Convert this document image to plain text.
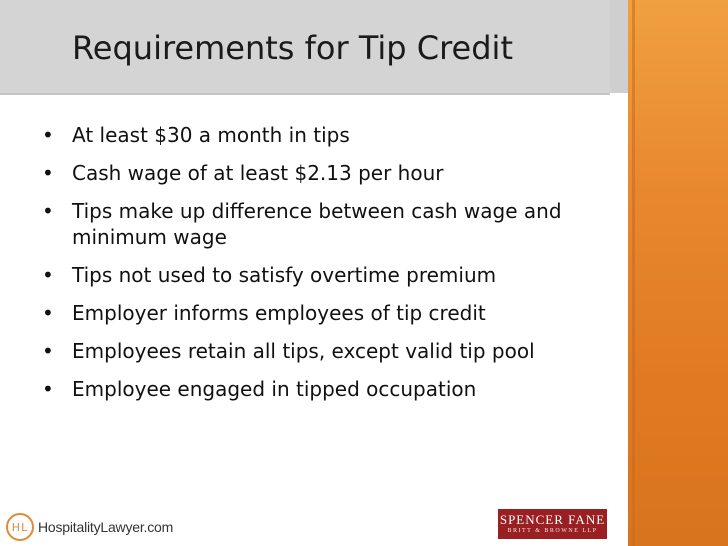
Requirements for Tip Credit
• At least $30 a month in tips
• Cash wage of at least $2.13 per hour
• Tips make up difference between cash wage and minimum wage
• Tips not used to satisfy overtime premium
• Employer informs employees of tip credit
• Employees retain all tips, except valid tip pool
• Employee engaged in tipped occupation
HL HospitalityLawyer.com	SPENCER FANE
BRITT & BROWNE LLP
